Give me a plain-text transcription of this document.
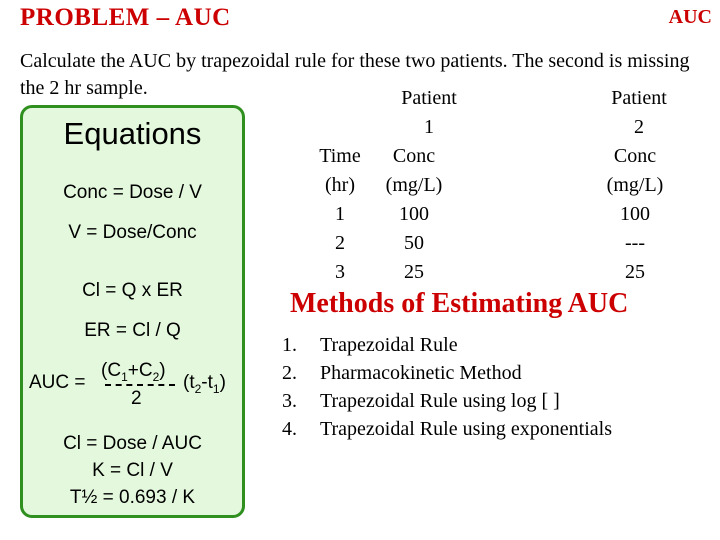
PROBLEM – AUC	AUC
Calculate the AUC by trapezoidal rule for these two patients. The second is missing the 2 hr sample.
Equations
Conc = Dose / V
V = Dose/Conc
Cl = Q x ER
ER = Cl / Q
AUC =
$(C_1+C_2)$
2
$(t_2-t_1)$
Cl = Dose / AUC
K = Cl / V
T½ = 0.693 / K
Patient
1
Patient
2
Time
(hr)
1
2
3
Conc
(mg/L)
100
50
25
Conc
(mg/L)
100
---
25
Methods of Estimating AUC
1. Trapezoidal Rule
2. Pharmacokinetic Method
3. Trapezoidal Rule using log [ ]
4. Trapezoidal Rule using exponentials
